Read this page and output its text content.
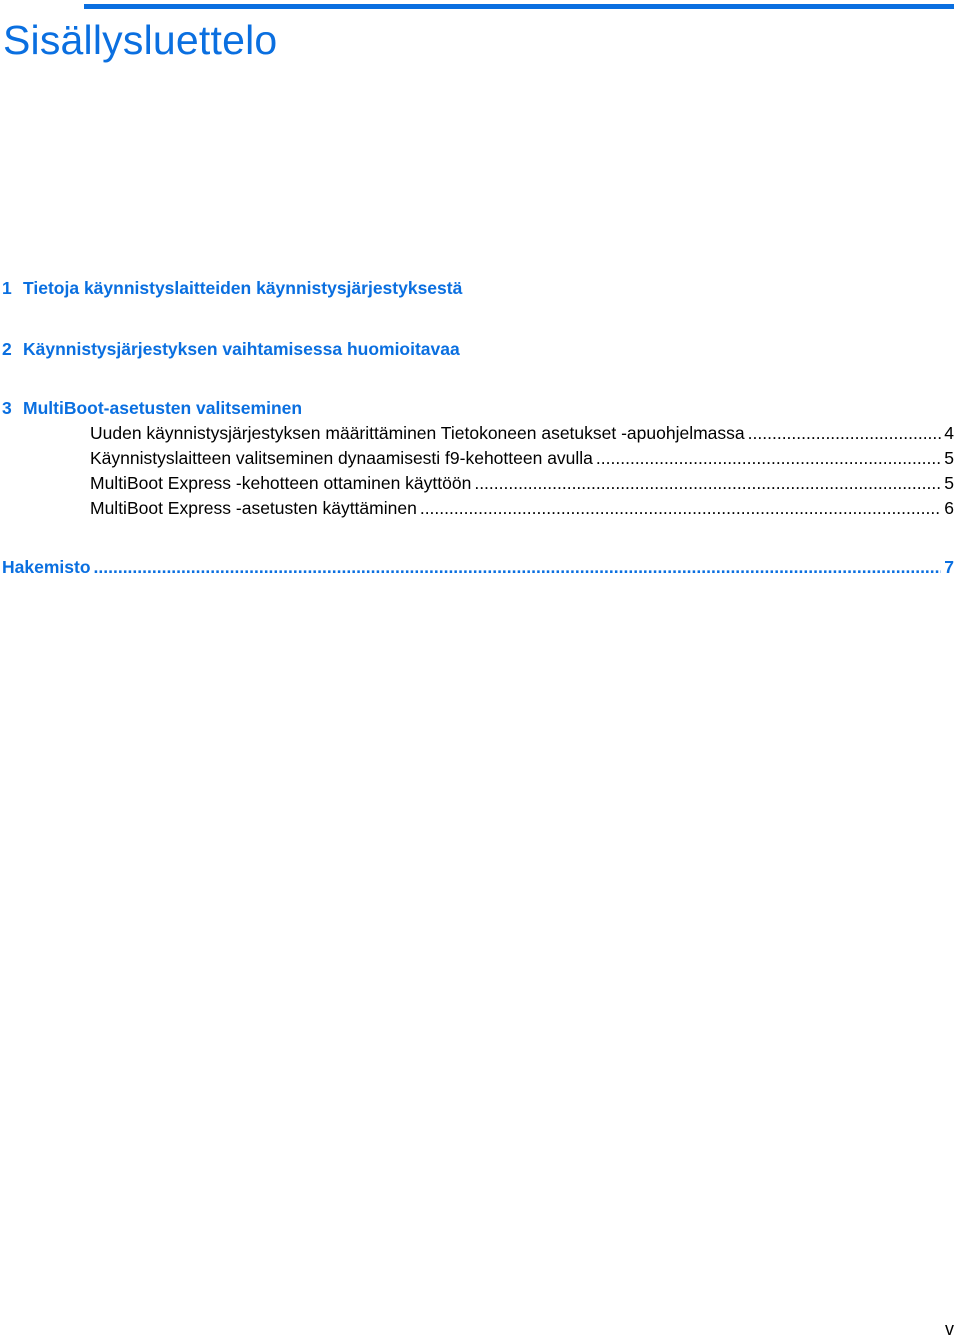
Sisällysluettelo
1 Tietoja käynnistyslaitteiden käynnistysjärjestyksestä
2 Käynnistysjärjestyksen vaihtamisessa huomioitavaa
3 MultiBoot-asetusten valitseminen
Uuden käynnistysjärjestyksen määrittäminen Tietokoneen asetukset -apuohjelmassa .....	4
Käynnistyslaitteen valitseminen dynaamisesti f9-kehotteen avulla .....	5
MultiBoot Express -kehotteen ottaminen käyttöön .....	5
MultiBoot Express -asetusten käyttäminen .....	6
Hakemisto .....	7
v
